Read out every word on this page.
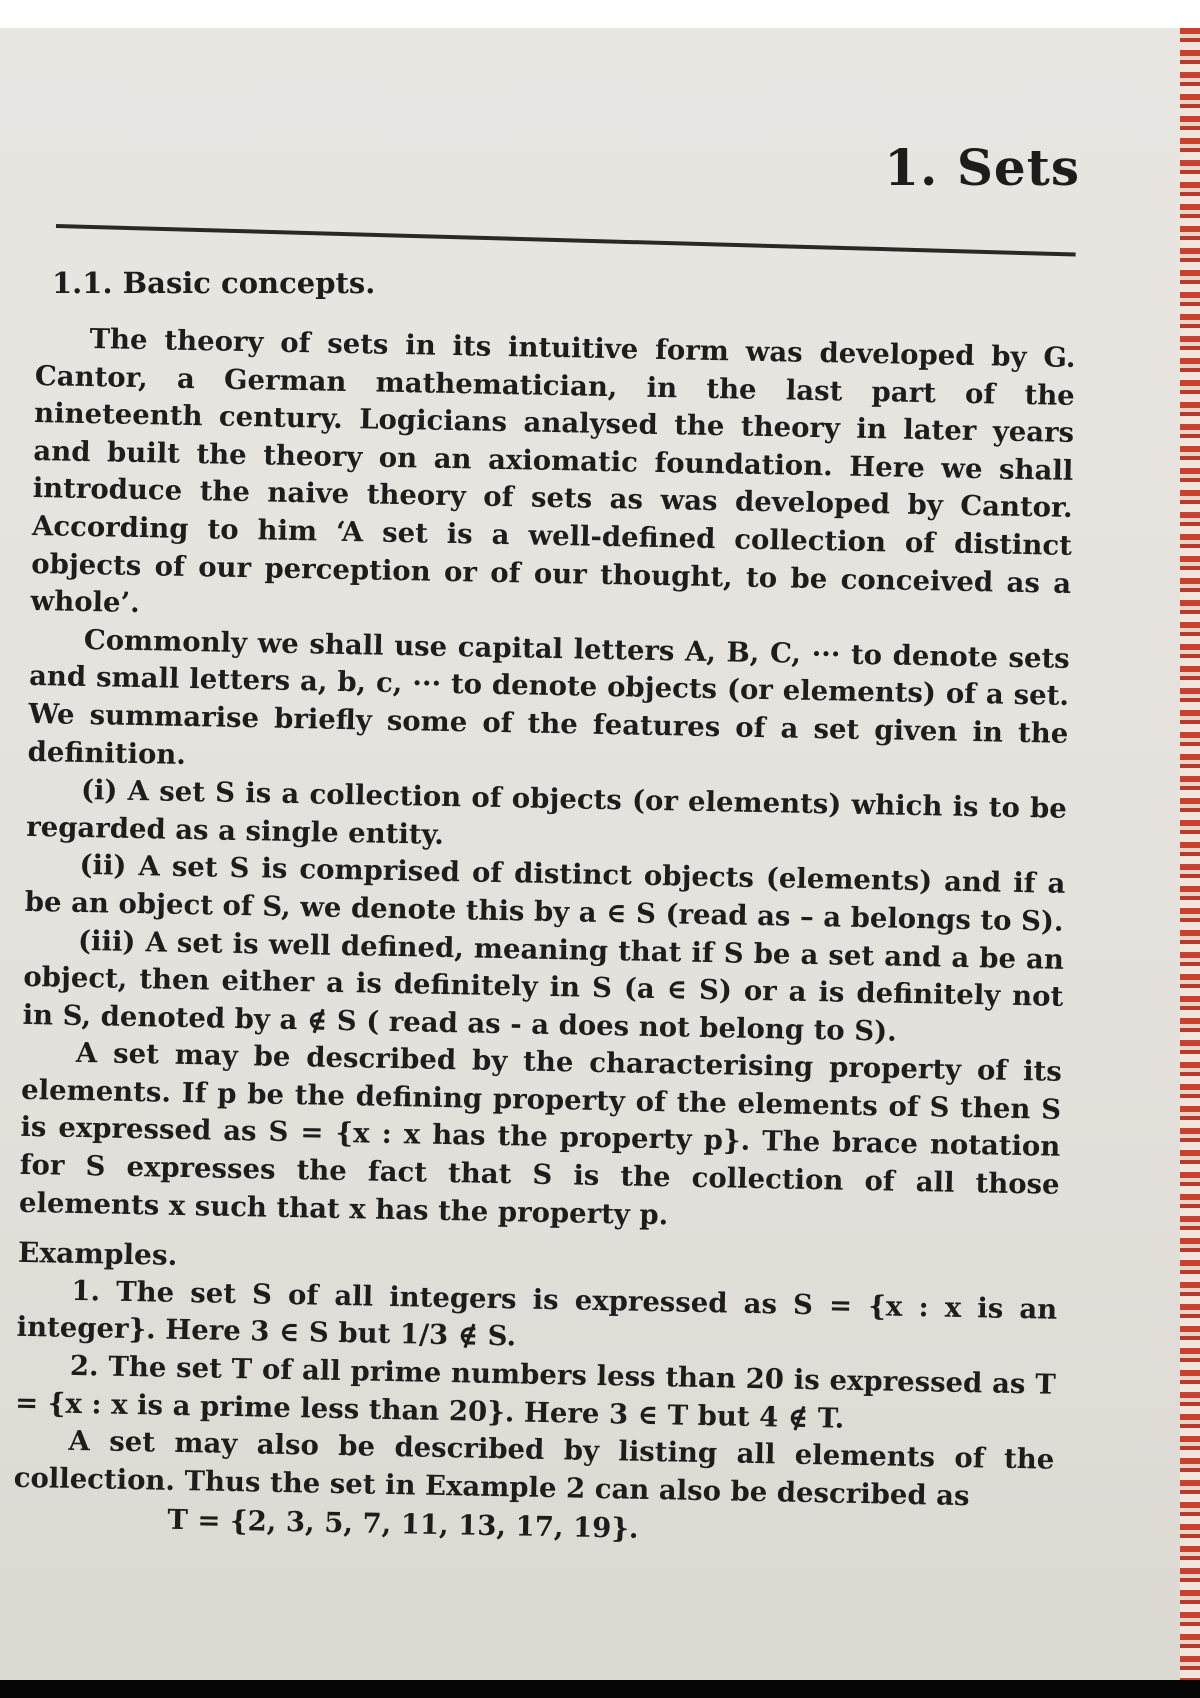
1. Sets
1.1. Basic concepts.

The theory of sets in its intuitive form was developed by G. Cantor, a German mathematician, in the last part of the nineteenth century. Logicians analysed the theory in later years and built the theory on an axiomatic foundation. Here we shall introduce the naive theory of sets as was developed by Cantor. According to him ‘A set is a well-defined collection of distinct objects of our perception or of our thought, to be conceived as a whole’.

Commonly we shall use capital letters A, B, C, ··· to denote sets and small letters a, b, c, ··· to denote objects (or elements) of a set. We summarise briefly some of the features of a set given in the definition.

(i) A set S is a collection of objects (or elements) which is to be regarded as a single entity.

(ii) A set S is comprised of distinct objects (elements) and if a be an object of S, we denote this by a ∈ S (read as – a belongs to S).

(iii) A set is well defined, meaning that if S be a set and a be an object, then either a is definitely in S (a ∈ S) or a is definitely not in S, denoted by a ∉ S ( read as - a does not belong to S).

A set may be described by the characterising property of its elements. If p be the defining property of the elements of S then S is expressed as S = {x : x has the property p}. The brace notation for S expresses the fact that S is the collection of all those elements x such that x has the property p.

Examples.

1. The set S of all integers is expressed as S = {x : x is an integer}. Here 3 ∈ S but 1/3 ∉ S.

2. The set T of all prime numbers less than 20 is expressed as T = {x : x is a prime less than 20}. Here 3 ∈ T but 4 ∉ T.

A set may also be described by listing all elements of the collection. Thus the set in Example 2 can also be described as

T = {2, 3, 5, 7, 11, 13, 17, 19}.
